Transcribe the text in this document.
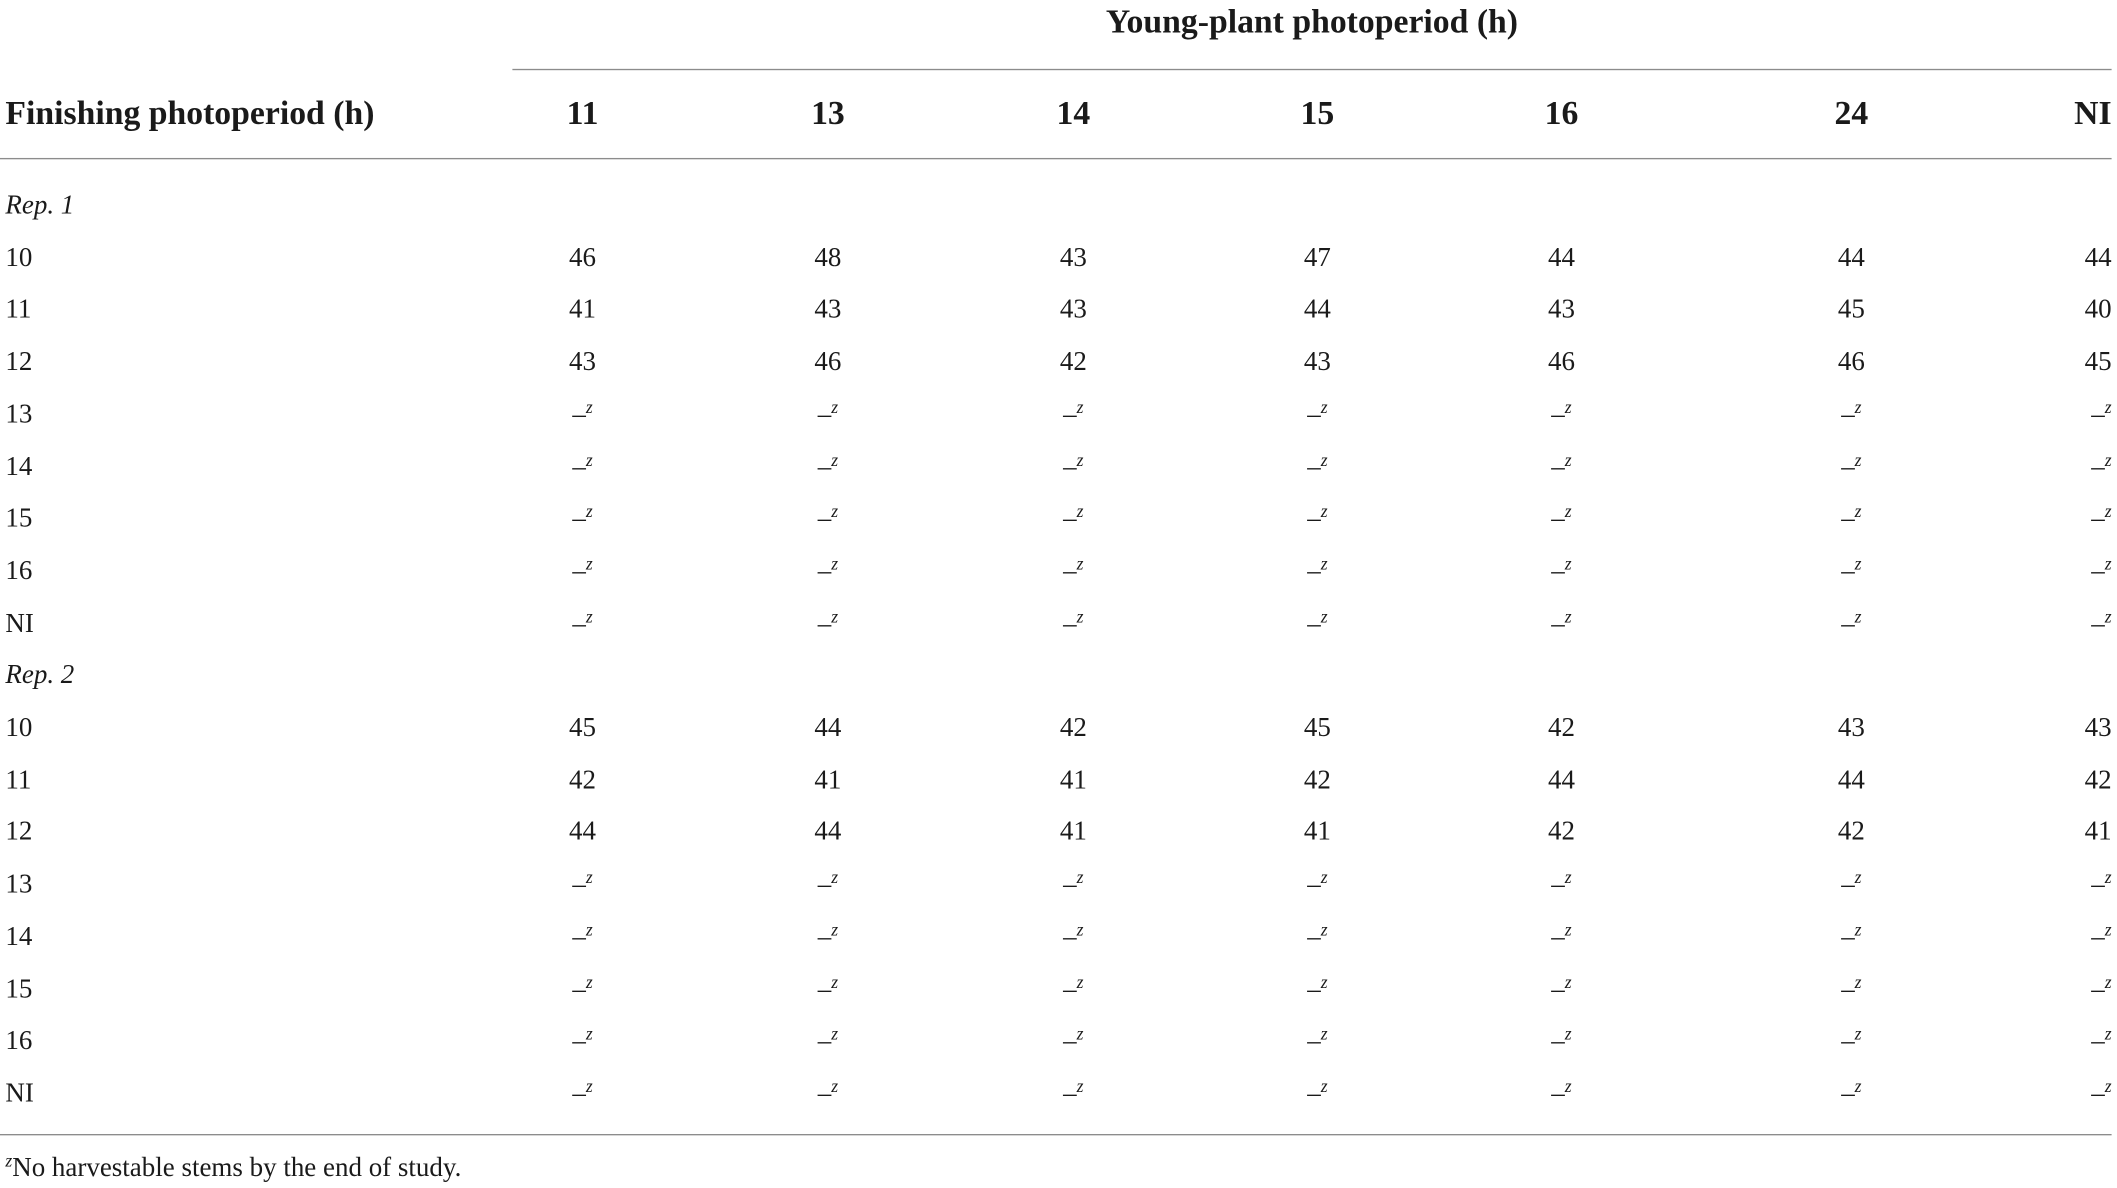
Young-plant photoperiod (h)
Finishing photoperiod (h)	11	13	14	15	16	24	NI
Rep. 1
10	46	48	43	47	44	44	44
11	41	43	43	44	43	45	40
12	43	46	42	43	46	46	45
13	–$^z$	–$^z$	–$^z$	–$^z$	–$^z$	–$^z$	–$^z$
14	–$^z$	–$^z$	–$^z$	–$^z$	–$^z$	–$^z$	–$^z$
15	–$^z$	–$^z$	–$^z$	–$^z$	–$^z$	–$^z$	–$^z$
16	–$^z$	–$^z$	–$^z$	–$^z$	–$^z$	–$^z$	–$^z$
NI	–$^z$	–$^z$	–$^z$	–$^z$	–$^z$	–$^z$	–$^z$
Rep. 2
10	45	44	42	45	42	43	43
11	42	41	41	42	44	44	42
12	44	44	41	41	42	42	41
13	–$^z$	–$^z$	–$^z$	–$^z$	–$^z$	–$^z$	–$^z$
14	–$^z$	–$^z$	–$^z$	–$^z$	–$^z$	–$^z$	–$^z$
15	–$^z$	–$^z$	–$^z$	–$^z$	–$^z$	–$^z$	–$^z$
16	–$^z$	–$^z$	–$^z$	–$^z$	–$^z$	–$^z$	–$^z$
NI	–$^z$	–$^z$	–$^z$	–$^z$	–$^z$	–$^z$	–$^z$
$^z$No harvestable stems by the end of study.
